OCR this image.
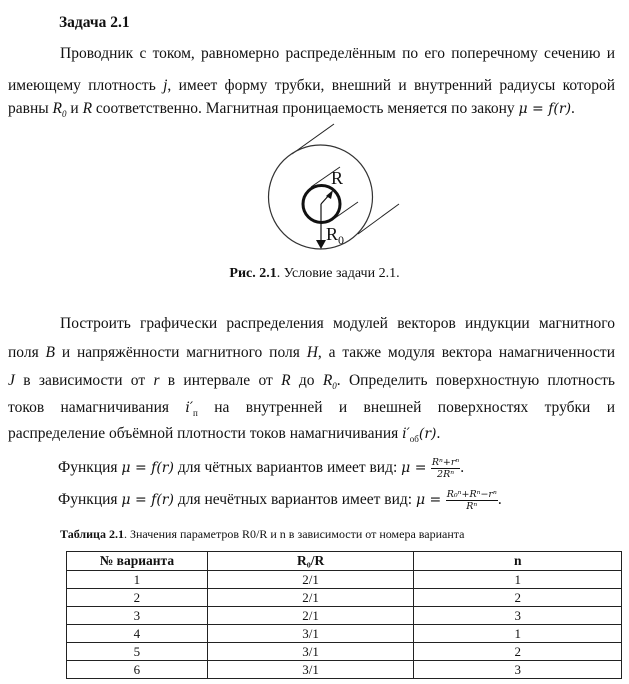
Задача 2.1
Проводник с током, равномерно распределённым по его поперечному сечению и
имеющему плотность j, имеет форму трубки, внешний и внутренний радиусы которой
равны $R_0$ и R соответственно. Магнитная проницаемость меняется по закону μ = f(r).
R
$R_0$
Рис. 2.1. Условие задачи 2.1.
Построить графически распределения модулей векторов индукции магнитного
поля B и напряжённости магнитного поля H, а также модуля вектора намагниченности
J в зависимости от r в интервале от R до $R_0$. Определить поверхностную плотность
токов намагничивания $i'_п$ на внутренней и внешней поверхностях трубки и
распределение объёмной плотности токов намагничивания $i'_{об}(r)$.
Функция μ = f(r) для чётных вариантов имеет вид: $\mu = \frac{\text{Rⁿ+rⁿ}}{\text{2Rⁿ}}$ .
Функция μ = f(r) для нечётных вариантов имеет вид: $\mu = \frac{\text{R₀ⁿ+Rⁿ−rⁿ}}{\text{Rⁿ}}$ .
Таблица 2.1. Значения параметров R0/R и n в зависимости от номера варианта
№ варианта	R₀/R	n
1	2/1	1
2	2/1	2
3	2/1	3
4	3/1	1
5	3/1	2
6	3/1	3
